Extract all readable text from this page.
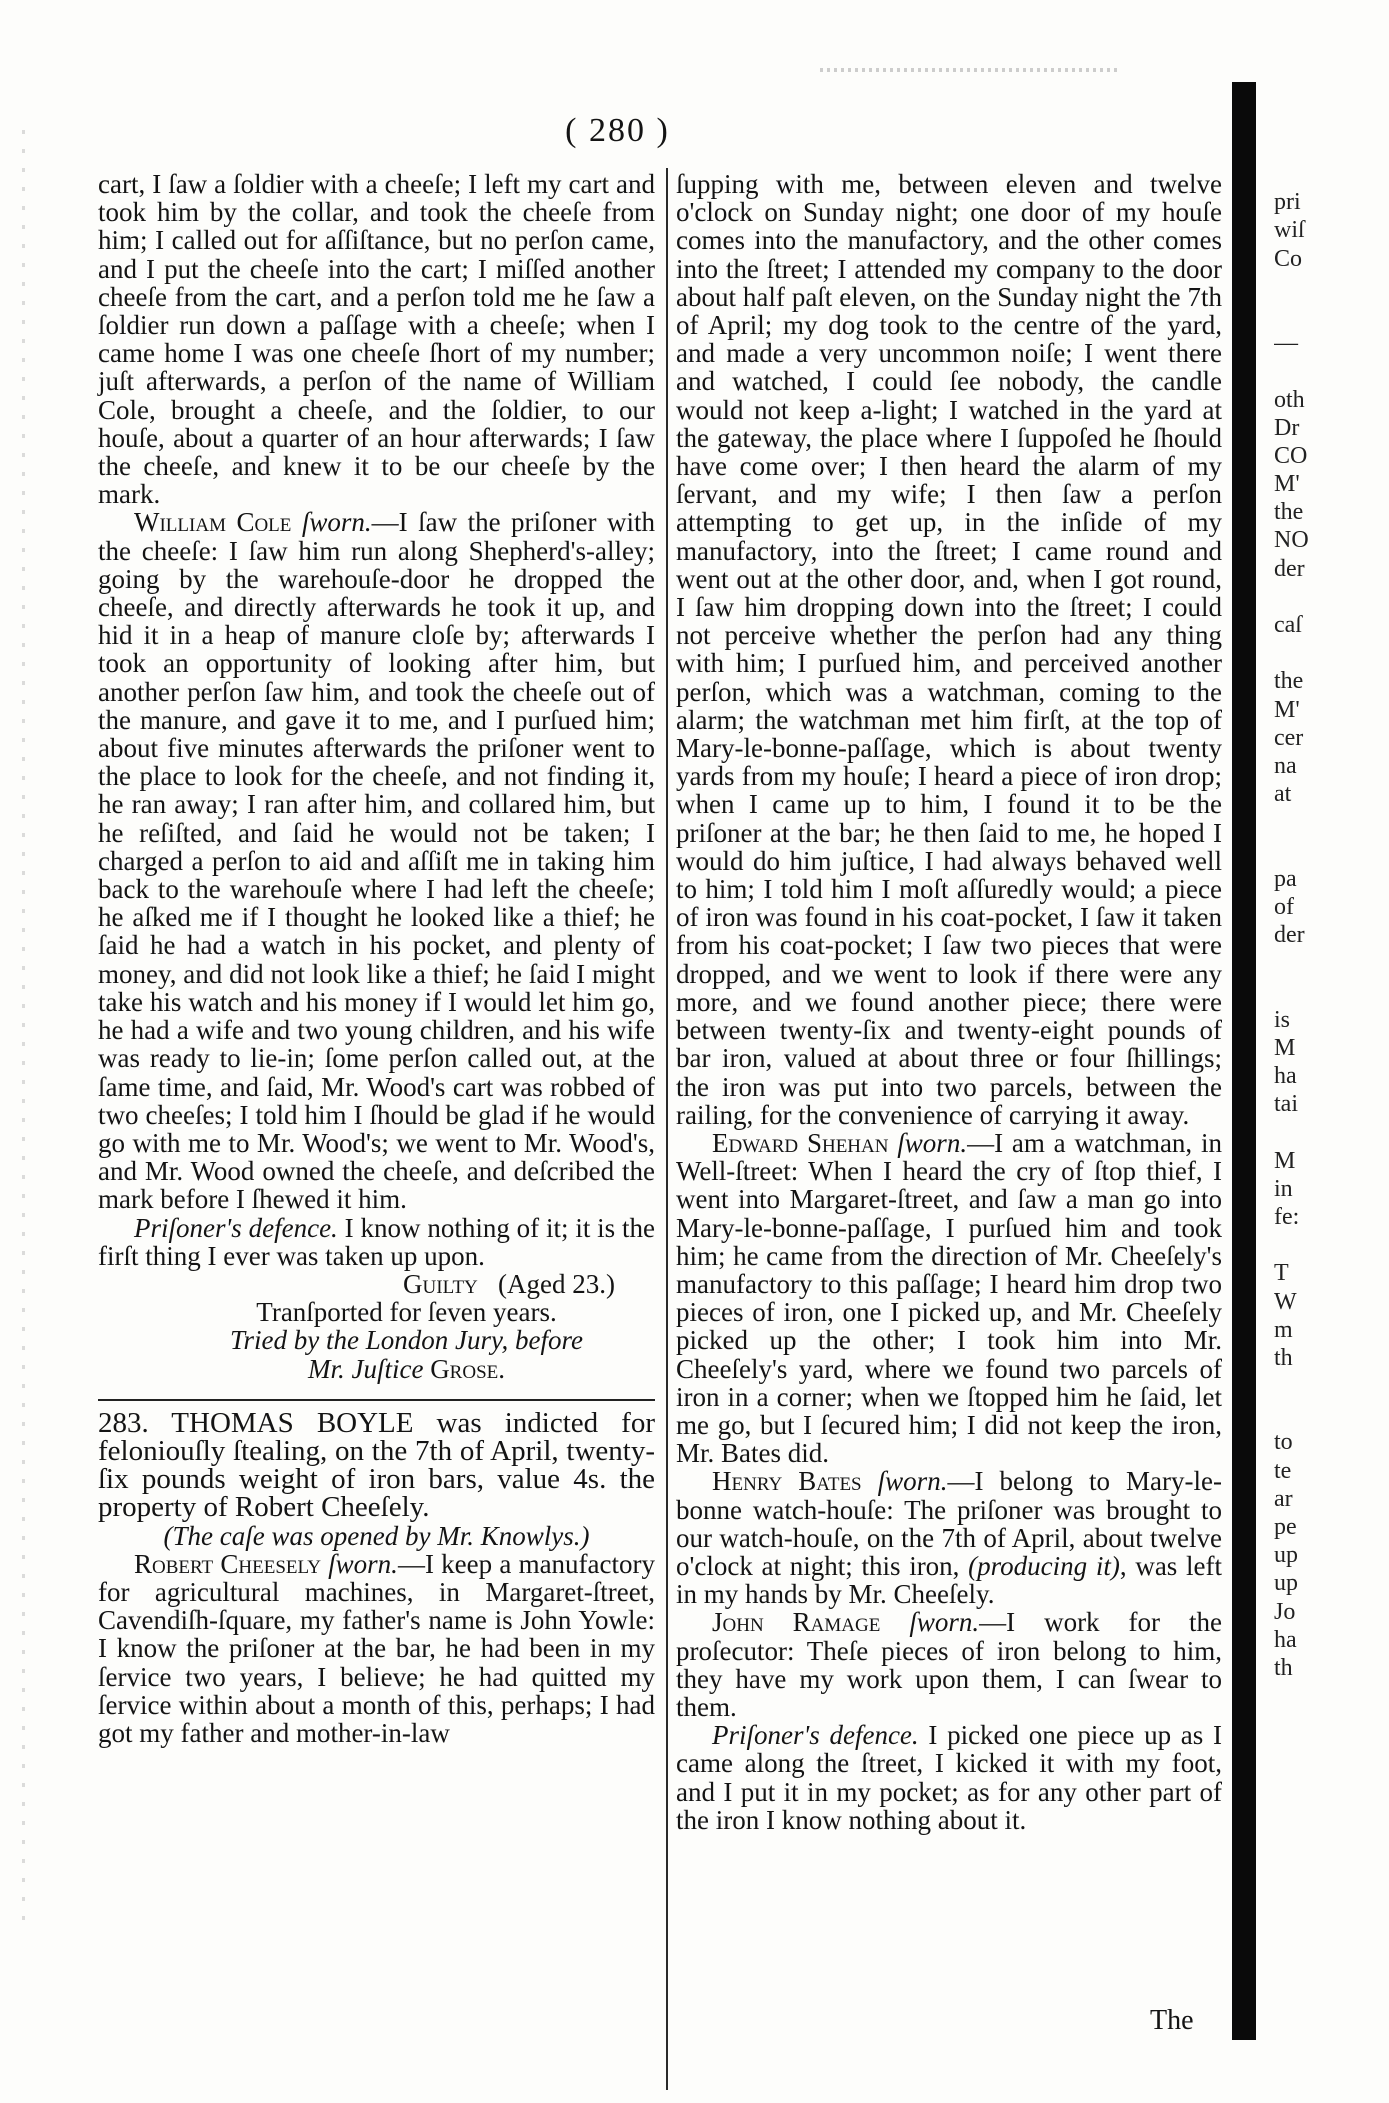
( 280 )

cart, I ſaw a ſoldier with a cheeſe; I left my cart and took him by the collar, and took the cheeſe from him; I called out for aſſiſtance, but no perſon came, and I put the cheeſe into the cart; I miſſed another cheeſe from the cart, and a perſon told me he ſaw a ſoldier run down a paſſage with a cheeſe; when I came home I was one cheeſe ſhort of my number; juſt afterwards, a perſon of the name of William Cole, brought a cheeſe, and the ſoldier, to our houſe, about a quarter of an hour afterwards; I ſaw the cheeſe, and knew it to be our cheeſe by the mark.

William Cole ſworn.—I ſaw the priſoner with the cheeſe: I ſaw him run along Shepherd's-alley; going by the warehouſe-door he dropped the cheeſe, and directly afterwards he took it up, and hid it in a heap of manure cloſe by; afterwards I took an opportunity of looking after him, but another perſon ſaw him, and took the cheeſe out of the manure, and gave it to me, and I purſued him; about five minutes afterwards the priſoner went to the place to look for the cheeſe, and not finding it, he ran away; I ran after him, and collared him, but he reſiſted, and ſaid he would not be taken; I charged a perſon to aid and aſſiſt me in taking him back to the warehouſe where I had left the cheeſe; he aſked me if I thought he looked like a thief; he ſaid he had a watch in his pocket, and plenty of money, and did not look like a thief; he ſaid I might take his watch and his money if I would let him go, he had a wife and two young children, and his wife was ready to lie-in; ſome perſon called out, at the ſame time, and ſaid, Mr. Wood's cart was robbed of two cheeſes; I told him I ſhould be glad if he would go with me to Mr. Wood's; we went to Mr. Wood's, and Mr. Wood owned the cheeſe, and deſcribed the mark before I ſhewed it him.

Priſoner's defence. I know nothing of it; it is the firſt thing I ever was taken up upon.

Guilty (Aged 23.)

Tranſported for ſeven years.

Tried by the London Jury, before

Mr. Juſtice Groſe.

283. THOMAS BOYLE was indicted for feloniouſly ſtealing, on the 7th of April, twenty-ſix pounds weight of iron bars, value 4s. the property of Robert Cheeſely.

(The caſe was opened by Mr. Knowlys.)

Robert Cheeſely ſworn.—I keep a manufactory for agricultural machines, in Margaret-ſtreet, Cavendiſh-ſquare, my father's name is John Yowle: I know the priſoner at the bar, he had been in my ſervice two years, I believe; he had quitted my ſervice within about a month of this, perhaps; I had got my father and mother-in-law

ſupping with me, between eleven and twelve o'clock on Sunday night; one door of my houſe comes into the manufactory, and the other comes into the ſtreet; I attended my company to the door about half paſt eleven, on the Sunday night the 7th of April; my dog took to the centre of the yard, and made a very uncommon noiſe; I went there and watched, I could ſee nobody, the candle would not keep a-light; I watched in the yard at the gateway, the place where I ſuppoſed he ſhould have come over; I then heard the alarm of my ſervant, and my wife; I then ſaw a perſon attempting to get up, in the inſide of my manufactory, into the ſtreet; I came round and went out at the other door, and, when I got round, I ſaw him dropping down into the ſtreet; I could not perceive whether the perſon had any thing with him; I purſued him, and perceived another perſon, which was a watchman, coming to the alarm; the watchman met him firſt, at the top of Mary-le-bonne-paſſage, which is about twenty yards from my houſe; I heard a piece of iron drop; when I came up to him, I found it to be the priſoner at the bar; he then ſaid to me, he hoped I would do him juſtice, I had always behaved well to him; I told him I moſt aſſuredly would; a piece of iron was found in his coat-pocket, I ſaw it taken from his coat-pocket; I ſaw two pieces that were dropped, and we went to look if there were any more, and we found another piece; there were between twenty-ſix and twenty-eight pounds of bar iron, valued at about three or four ſhillings; the iron was put into two parcels, between the railing, for the convenience of carrying it away.

Edward Shehan ſworn.—I am a watchman, in Well-ſtreet: When I heard the cry of ſtop thief, I went into Margaret-ſtreet, and ſaw a man go into Mary-le-bonne-paſſage, I purſued him and took him; he came from the direction of Mr. Cheeſely's manufactory to this paſſage; I heard him drop two pieces of iron, one I picked up, and Mr. Cheeſely picked up the other; I took him into Mr. Cheeſely's yard, where we found two parcels of iron in a corner; when we ſtopped him he ſaid, let me go, but I ſecured him; I did not keep the iron, Mr. Bates did.

Henry Bates ſworn.—I belong to Mary-le-bonne watch-houſe: The priſoner was brought to our watch-houſe, on the 7th of April, about twelve o'clock at night; this iron, (producing it), was left in my hands by Mr. Cheeſely.

John Ramage ſworn.—I work for the proſecutor: Theſe pieces of iron belong to him, they have my work upon them, I can ſwear to them.

Priſoner's defence. I picked one piece up as I came along the ſtreet, I kicked it with my foot, and I put it in my pocket; as for any other part of the iron I know nothing about it.

The
pri
wiſ
Co
—
oth
Dr
CO
M'
the
NO
der
caſ
the
M'
cer
na
at
pa
of
der
is
M
ha
tai
M
in
fe:
T
W
m
th
to
te
ar
pe
up
up
Jo
ha
th
